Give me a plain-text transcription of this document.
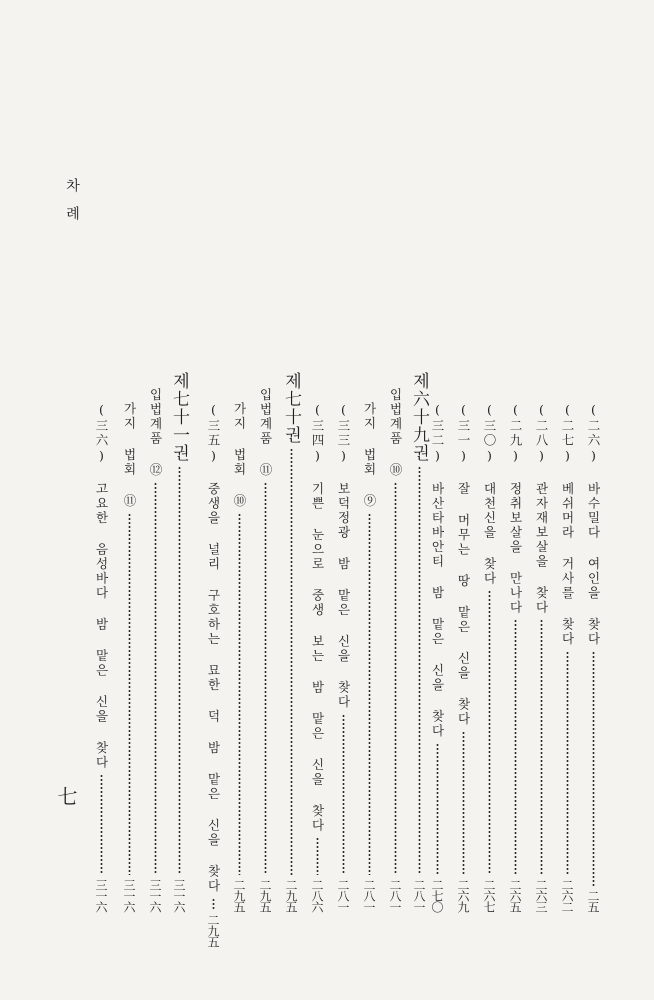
차례
七
(二六) 바수밀다 여인을 찾다
二五
(二七) 베쉬머라 거사를 찾다
二六二
(二八) 관자재보살을 찾다
二六三
(二九) 정취보살을 만나다
二六五
(三〇) 대천신을 찾다
二六七
(三一) 잘 머무는 땅 맡은 신을 찾다
二六九
(三二) 바산타바안티 밤 맡은 신을 찾다
二七〇
제六十九권
二八一
입법계품 ⑩
二八一
가지 법회 ⑨
二八一
(三三) 보덕정광 밤 맡은 신을 찾다
二八一
(三四) 기쁜 눈으로 중생 보는 밤 맡은 신을 찾다
二八六
제七十권
二九五
입법계품 ⑪
二九五
가지 법회 ⑩
二九五
(三五) 중생을 널리 구호하는 묘한 덕 밤 맡은 신을 찾다
二九五
제七十一권
三一六
입법계품 ⑫
三一六
가지 법회 ⑪
三一六
(三六) 고요한 음성바다 밤 맡은 신을 찾다
三一六
